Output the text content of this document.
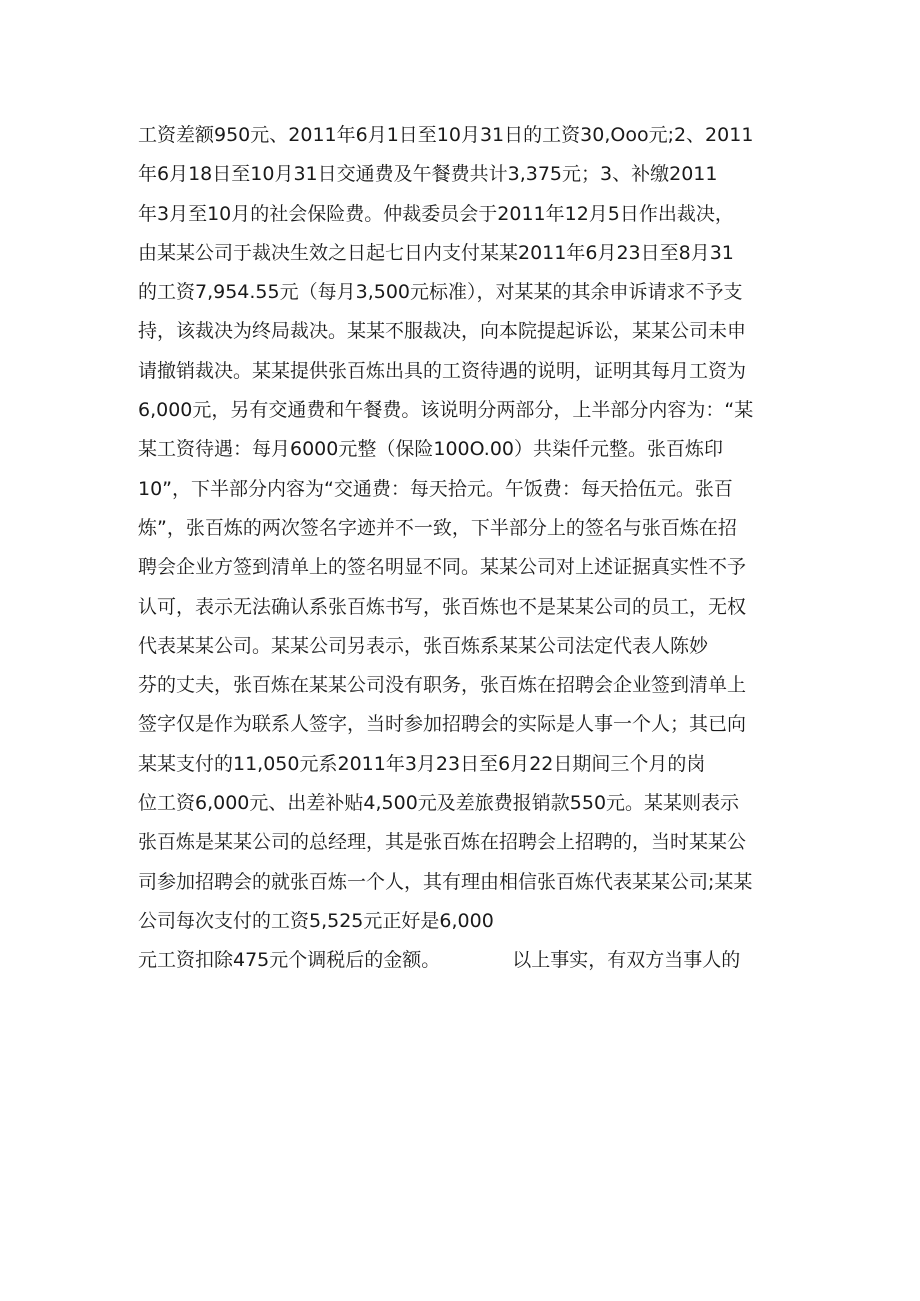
工资差额950元、2011年6月1日至10月31日的工资30,Ooo元;2、2011
年6月18日至10月31日交通费及午餐费共计3,375元；3、补缴2011
年3月至10月的社会保险费。仲裁委员会于2011年12月5日作出裁决，
由某某公司于裁决生效之日起七日内支付某某2011年6月23日至8月31
的工资7,954.55元（每月3,500元标准），对某某的其余申诉请求不予支
持，该裁决为终局裁决。某某不服裁决，向本院提起诉讼，某某公司未申
请撤销裁决。某某提供张百炼出具的工资待遇的说明，证明其每月工资为
6,000元，另有交通费和午餐费。该说明分两部分，上半部分内容为：“某
某工资待遇：每月6000元整（保险100O.00）共柒仟元整。张百炼印
10”，下半部分内容为“交通费：每天拾元。午饭费：每天拾伍元。张百
炼”，张百炼的两次签名字迹并不一致，下半部分上的签名与张百炼在招
聘会企业方签到清单上的签名明显不同。某某公司对上述证据真实性不予
认可，表示无法确认系张百炼书写，张百炼也不是某某公司的员工，无权
代表某某公司。某某公司另表示，张百炼系某某公司法定代表人陈妙
芬的丈夫，张百炼在某某公司没有职务，张百炼在招聘会企业签到清单上
签字仅是作为联系人签字，当时参加招聘会的实际是人事一个人；其已向
某某支付的11,050元系2011年3月23日至6月22日期间三个月的岗
位工资6,000元、出差补贴4,500元及差旅费报销款550元。某某则表示
张百炼是某某公司的总经理，其是张百炼在招聘会上招聘的，当时某某公
司参加招聘会的就张百炼一个人，其有理由相信张百炼代表某某公司;某某
公司每次支付的工资5,525元正好是6,000
元工资扣除475元个调税后的金额。	以上事实，有双方当事人的
